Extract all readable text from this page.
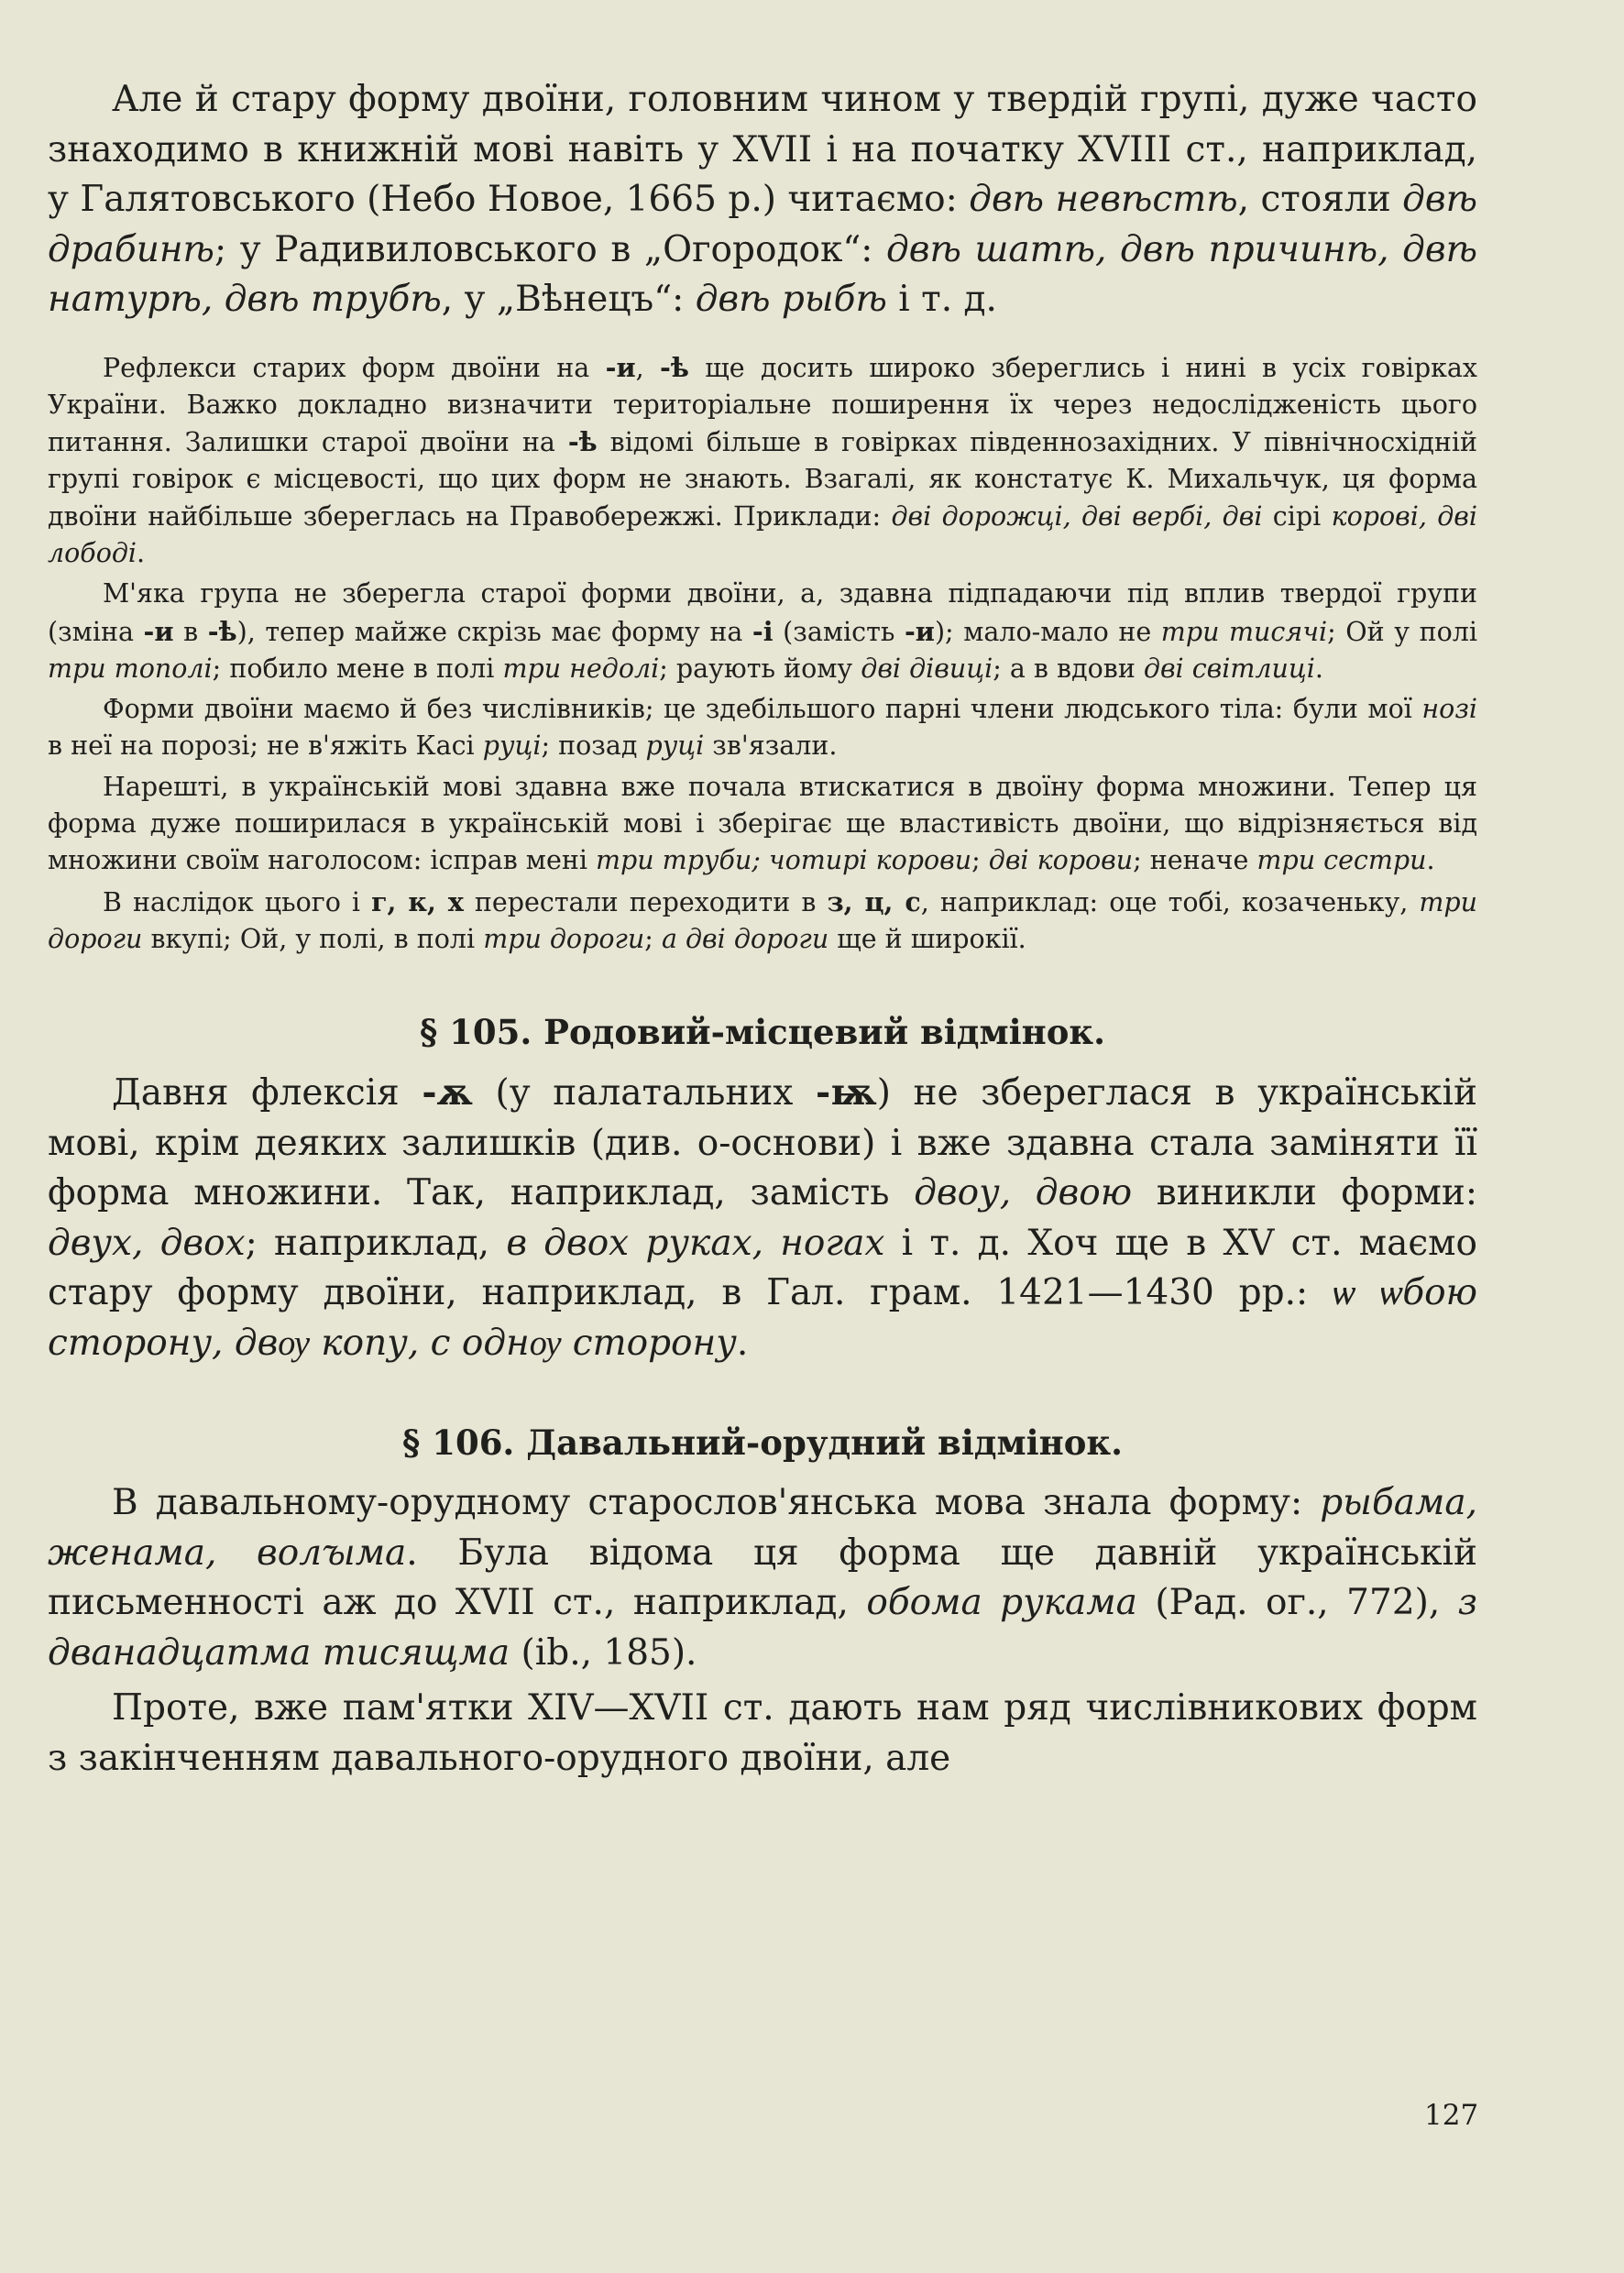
Але й стару форму двоїни, головним чином у твердій групі, дуже часто знаходимо в книжній мові навіть у XVII і на початку XVIII ст., наприклад, у Галятовського (Небо Новое, 1665 р.) читаємо: двѣ невѣстѣ, стояли двѣ драбинѣ; у Радивиловського в „Огородок“: двѣ шатѣ, двѣ причинѣ, двѣ натурѣ, двѣ трубѣ, у „Вѣнецъ“: двѣ рыбѣ і т. д.

Рефлекси старих форм двоїни на -и, -ѣ ще досить широко збереглись і нині в усіх говірках України. Важко докладно визначити територіальне поширення їх через недослідженість цього питання. Залишки старої двоїни на -ѣ відомі більше в говірках південнозахідних. У північносхідній групі говірок є місцевості, що цих форм не знають. Взагалі, як констатує К. Михальчук, ця форма двоїни найбільше збереглась на Правобережжі. Приклади: дві дорожці, дві вербі, дві сірі корові, дві лободі.

М'яка група не зберегла старої форми двоїни, а, здавна підпадаючи під вплив твердої групи (зміна -и в -ѣ), тепер майже скрізь має форму на -і (замість -и); мало-мало не три тисячі; Ой у полі три тополі; побило мене в полі три недолі; раують йому дві дівиці; а в вдови дві світлиці.

Форми двоїни маємо й без числівників; це здебільшого парні члени людського тіла: були мої нозі в неї на порозі; не в'яжіть Касі руці; позад руці зв'язали.

Нарешті, в українській мові здавна вже почала втискатися в двоїну форма множини. Тепер ця форма дуже поширилася в українській мові і зберігає ще властивість двоїни, що відрізняється від множини своїм наголосом: iсправ мені три труби; чотирі корови; дві корови; неначе три сестри.

В наслідок цього і г, к, х перестали переходити в з, ц, с, наприклад: оце тобі, козаченьку, три дороги вкупі; Ой, у полі, в полі три дороги; а дві дороги ще й широкії.

§ 105. Родовий-місцевий відмінок.

Давня флексія -ѫ (у палатальних -ѭ) не збереглася в українській мові, крім деяких залишків (див. о-основи) і вже здавна стала заміняти її форма множини. Так, наприклад, замість двоу, двою виникли форми: двух, двох; наприклад, в двох руках, ногах і т. д. Хоч ще в XV ст. маємо стару форму двоїни, наприклад, в Гал. грам. 1421—1430 рр.: ѡ ѡбою сторону, двѹ копу, с однѹ сторону.

§ 106. Давальний-орудний відмінок.

В давальному-орудному старослов'янська мова знала форму: рыбама, женама, волꙑма. Була відома ця форма ще давній українській письменності аж до XVII ст., наприклад, обома рукама (Рад. ог., 772), з дванадцатма тисящма (ib., 185).

Проте, вже пам'ятки XIV—XVII ст. дають нам ряд числівникових форм з закінченням давального-орудного двоїни, але

127
